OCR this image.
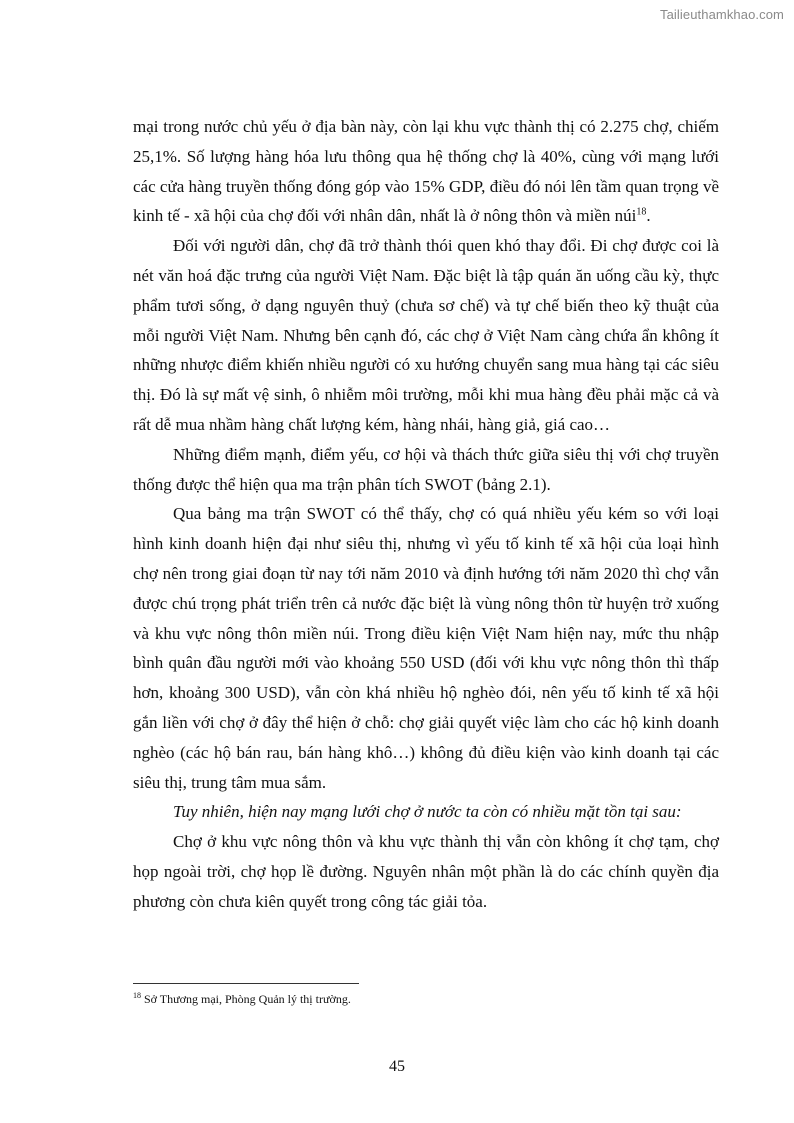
Tailieuthamkhao.com

mại trong nước chủ yếu ở địa bàn này, còn lại khu vực thành thị có 2.275 chợ, chiếm 25,1%. Số lượng hàng hóa lưu thông qua hệ thống chợ là 40%, cùng với mạng lưới các cửa hàng truyền thống đóng góp vào 15% GDP, điều đó nói lên tầm quan trọng về kinh tế - xã hội của chợ đối với nhân dân, nhất là ở nông thôn và miền núi$^{18}$.

Đối với người dân, chợ đã trở thành thói quen khó thay đổi. Đi chợ được coi là nét văn hoá đặc trưng của người Việt Nam. Đặc biệt là tập quán ăn uống cầu kỳ, thực phẩm tươi sống, ở dạng nguyên thuỷ (chưa sơ chế) và tự chế biến theo kỹ thuật của mỗi người Việt Nam. Nhưng bên cạnh đó, các chợ ở Việt Nam càng chứa ẩn không ít những nhược điểm khiến nhiều người có xu hướng chuyển sang mua hàng tại các siêu thị. Đó là sự mất vệ sinh, ô nhiễm môi trường, mỗi khi mua hàng đều phải mặc cả và rất dễ mua nhầm hàng chất lượng kém, hàng nhái, hàng giả, giá cao…

Những điểm mạnh, điểm yếu, cơ hội và thách thức giữa siêu thị với chợ truyền thống được thể hiện qua ma trận phân tích SWOT (bảng 2.1).

Qua bảng ma trận SWOT có thể thấy, chợ có quá nhiều yếu kém so với loại hình kinh doanh hiện đại như siêu thị, nhưng vì yếu tố kinh tế xã hội của loại hình chợ nên trong giai đoạn từ nay tới năm 2010 và định hướng tới năm 2020 thì chợ vẫn được chú trọng phát triển trên cả nước đặc biệt là vùng nông thôn từ huyện trở xuống và khu vực nông thôn miền núi. Trong điều kiện Việt Nam hiện nay, mức thu nhập bình quân đầu người mới vào khoảng 550 USD (đối với khu vực nông thôn thì thấp hơn, khoảng 300 USD), vẫn còn khá nhiều hộ nghèo đói, nên yếu tố kinh tế xã hội gắn liền với chợ ở đây thể hiện ở chỗ: chợ giải quyết việc làm cho các hộ kinh doanh nghèo (các hộ bán rau, bán hàng khô…) không đủ điều kiện vào kinh doanh tại các siêu thị, trung tâm mua sắm.

Tuy nhiên, hiện nay mạng lưới chợ ở nước ta còn có nhiều mặt tồn tại sau:

Chợ ở khu vực nông thôn và khu vực thành thị vẫn còn không ít chợ tạm, chợ họp ngoài trời, chợ họp lề đường. Nguyên nhân một phần là do các chính quyền địa phương còn chưa kiên quyết trong công tác giải tỏa.

$^{18}$ Sở Thương mại, Phòng Quản lý thị trường.
45
